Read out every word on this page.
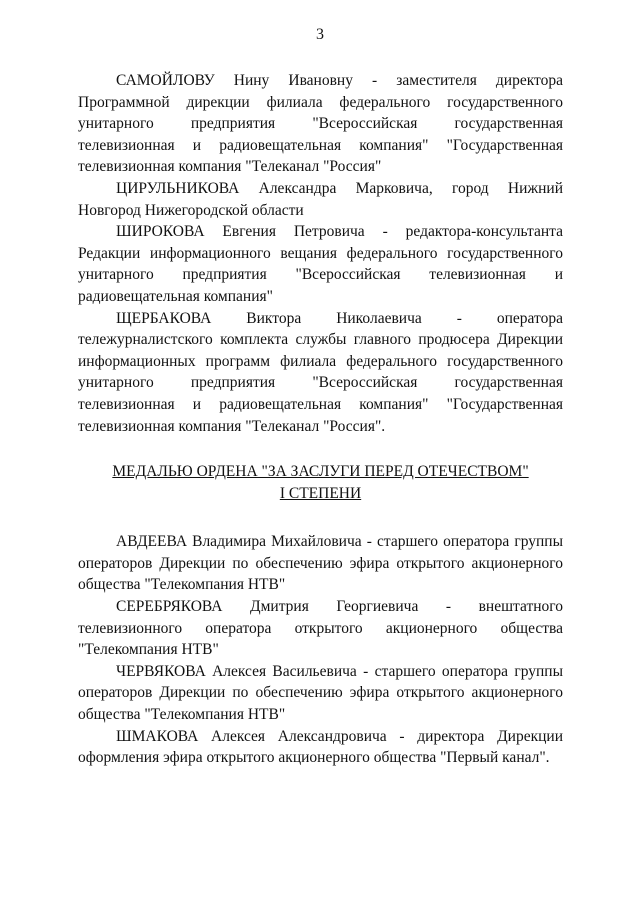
3

САМОЙЛОВУ Нину Ивановну - заместителя директора Программной дирекции филиала федерального государственного унитарного предприятия "Всероссийская государственная телевизионная и радиовещательная компания" "Государственная телевизионная компания "Телеканал "Россия"

ЦИРУЛЬНИКОВА Александра Марковича, город Нижний Новгород Нижегородской области

ШИРОКОВА Евгения Петровича - редактора-консультанта Редакции информационного вещания федерального государственного унитарного предприятия "Всероссийская телевизионная и радиовещательная компания"

ЩЕРБАКОВА Виктора Николаевича - оператора тележурналистского комплекта службы главного продюсера Дирекции информационных программ филиала федерального государственного унитарного предприятия "Всероссийская государственная телевизионная и радиовещательная компания" "Государственная телевизионная компания "Телеканал "Россия".

МЕДАЛЬЮ ОРДЕНА "ЗА ЗАСЛУГИ ПЕРЕД ОТЕЧЕСТВОМ"
I СТЕПЕНИ

АВДЕЕВА Владимира Михайловича - старшего оператора группы операторов Дирекции по обеспечению эфира открытого акционерного общества "Телекомпания НТВ"

СЕРЕБРЯКОВА Дмитрия Георгиевича - внештатного телевизионного оператора открытого акционерного общества "Телекомпания НТВ"

ЧЕРВЯКОВА Алексея Васильевича - старшего оператора группы операторов Дирекции по обеспечению эфира открытого акционерного общества "Телекомпания НТВ"

ШМАКОВА Алексея Александровича - директора Дирекции оформления эфира открытого акционерного общества "Первый канал".
